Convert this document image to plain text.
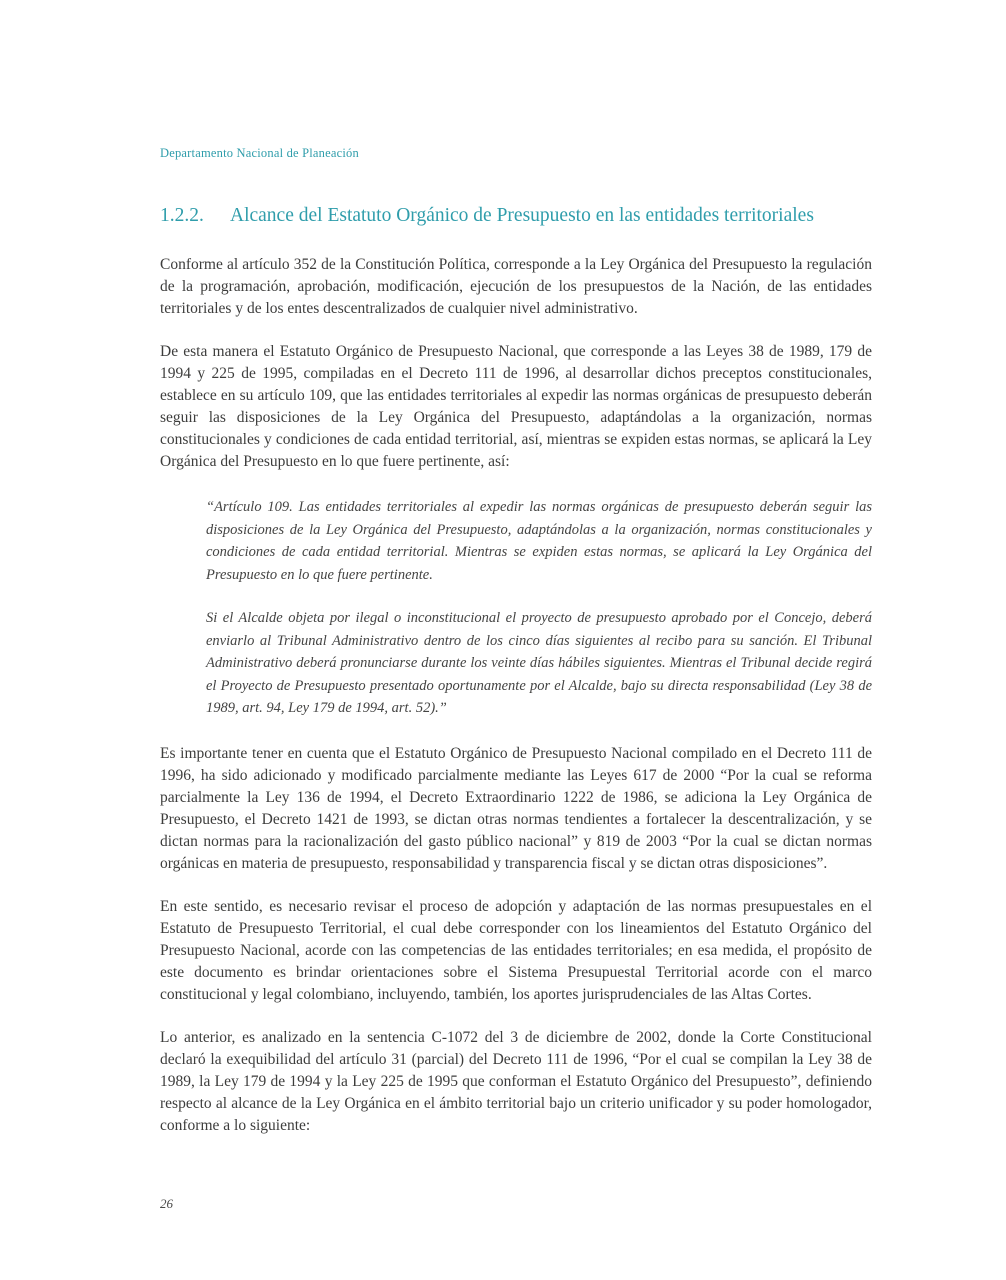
Departamento Nacional de Planeación
1.2.2.	Alcance del Estatuto Orgánico de Presupuesto en las entidades territoriales

Conforme al artículo 352 de la Constitución Política, corresponde a la Ley Orgánica del Presupuesto la regulación de la programación, aprobación, modificación, ejecución de los presupuestos de la Nación, de las entidades territoriales y de los entes descentralizados de cualquier nivel administrativo.

De esta manera el Estatuto Orgánico de Presupuesto Nacional, que corresponde a las Leyes 38 de 1989, 179 de 1994 y 225 de 1995, compiladas en el Decreto 111 de 1996, al desarrollar dichos preceptos constitucionales, establece en su artículo 109, que las entidades territoriales al expedir las normas orgánicas de presupuesto deberán seguir las disposiciones de la Ley Orgánica del Presupuesto, adaptándolas a la organización, normas constitucionales y condiciones de cada entidad territorial, así, mientras se expiden estas normas, se aplicará la Ley Orgánica del Presupuesto en lo que fuere pertinente, así:

“Artículo 109. Las entidades territoriales al expedir las normas orgánicas de presupuesto deberán seguir las disposiciones de la Ley Orgánica del Presupuesto, adaptándolas a la organización, normas constitucionales y condiciones de cada entidad territorial. Mientras se expiden estas normas, se aplicará la Ley Orgánica del Presupuesto en lo que fuere pertinente.

Si el Alcalde objeta por ilegal o inconstitucional el proyecto de presupuesto aprobado por el Concejo, deberá enviarlo al Tribunal Administrativo dentro de los cinco días siguientes al recibo para su sanción. El Tribunal Administrativo deberá pronunciarse durante los veinte días hábiles siguientes. Mientras el Tribunal decide regirá el Proyecto de Presupuesto presentado oportunamente por el Alcalde, bajo su directa responsabilidad (Ley 38 de 1989, art. 94, Ley 179 de 1994, art. 52).”

Es importante tener en cuenta que el Estatuto Orgánico de Presupuesto Nacional compilado en el Decreto 111 de 1996, ha sido adicionado y modificado parcialmente mediante las Leyes 617 de 2000 “Por la cual se reforma parcialmente la Ley 136 de 1994, el Decreto Extraordinario 1222 de 1986, se adiciona la Ley Orgánica de Presupuesto, el Decreto 1421 de 1993, se dictan otras normas tendientes a fortalecer la descentralización, y se dictan normas para la racionalización del gasto público nacional” y 819 de 2003 “Por la cual se dictan normas orgánicas en materia de presupuesto, responsabilidad y transparencia fiscal y se dictan otras disposiciones”.

En este sentido, es necesario revisar el proceso de adopción y adaptación de las normas presupuestales en el Estatuto de Presupuesto Territorial, el cual debe corresponder con los lineamientos del Estatuto Orgánico del Presupuesto Nacional, acorde con las competencias de las entidades territoriales; en esa medida, el propósito de este documento es brindar orientaciones sobre el Sistema Presupuestal Territorial acorde con el marco constitucional y legal colombiano, incluyendo, también, los aportes jurisprudenciales de las Altas Cortes.

Lo anterior, es analizado en la sentencia C-1072 del 3 de diciembre de 2002, donde la Corte Constitucional declaró la exequibilidad del artículo 31 (parcial) del Decreto 111 de 1996, “Por el cual se compilan la Ley 38 de 1989, la Ley 179 de 1994 y la Ley 225 de 1995 que conforman el Estatuto Orgánico del Presupuesto”, definiendo respecto al alcance de la Ley Orgánica en el ámbito territorial bajo un criterio unificador y su poder homologador, conforme a lo siguiente:

26
